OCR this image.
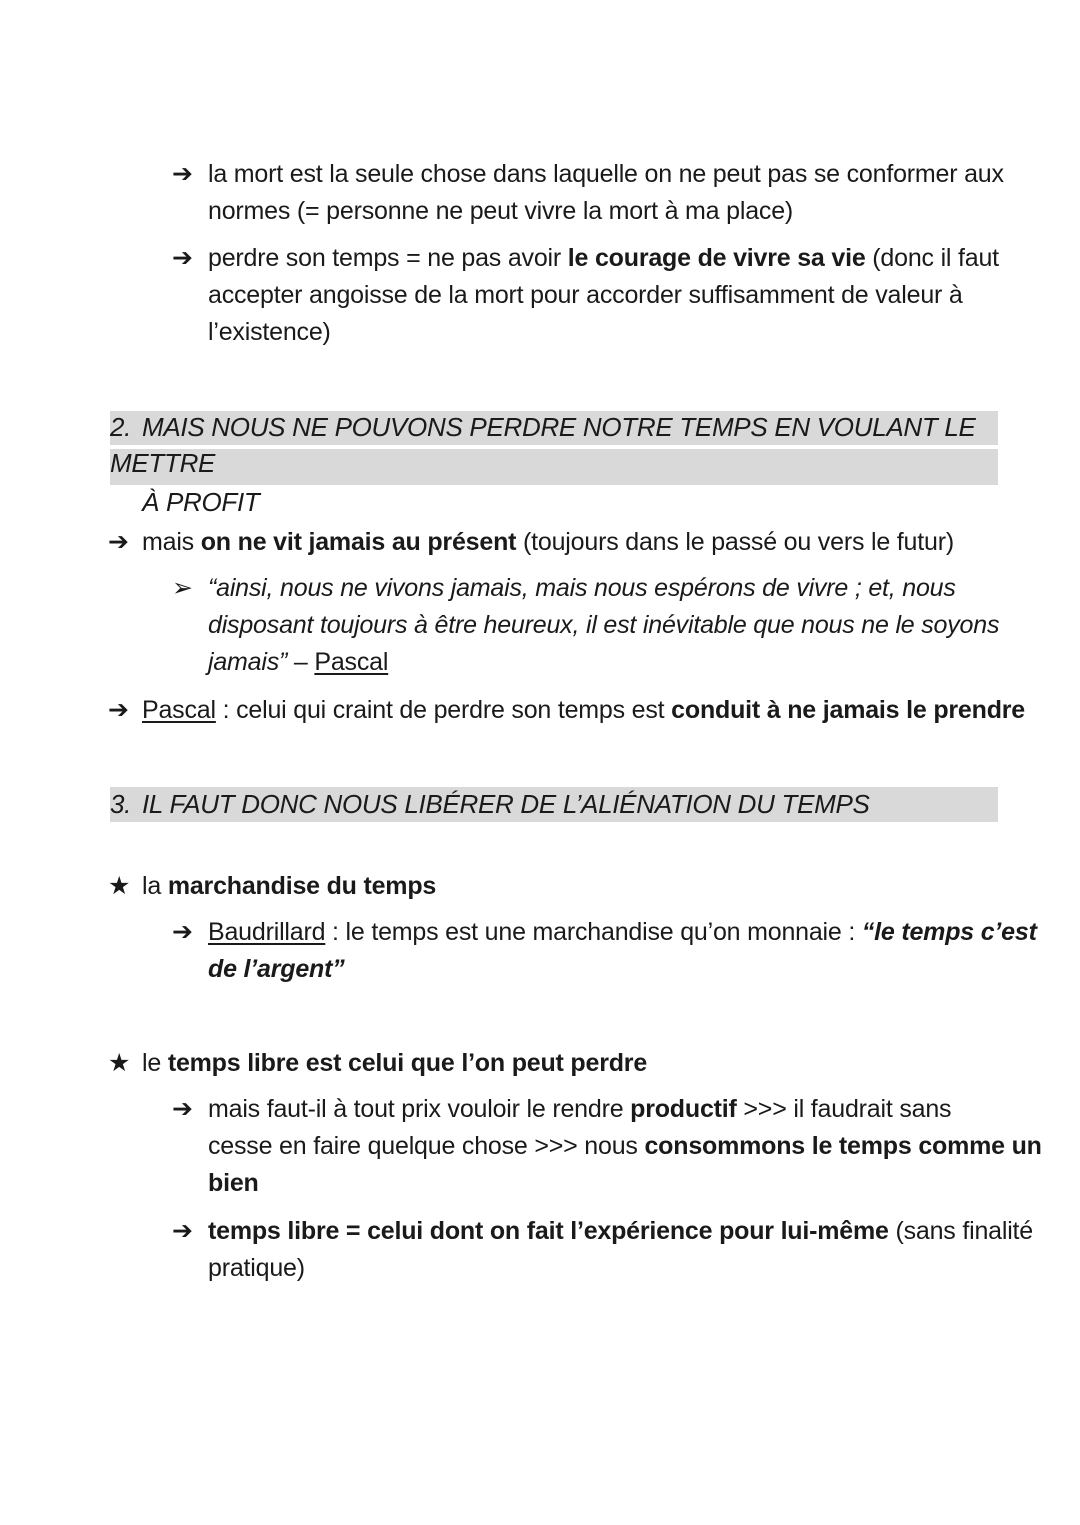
➔ la mort est la seule chose dans laquelle on ne peut pas se conformer aux
normes (= personne ne peut vivre la mort à ma place)
➔ perdre son temps = ne pas avoir le courage de vivre sa vie (donc il faut
accepter angoisse de la mort pour accorder suffisamment de valeur à
l’existence)
2. MAIS NOUS NE POUVONS PERDRE NOTRE TEMPS EN VOULANT LE METTRE
À PROFIT
➔ mais on ne vit jamais au présent (toujours dans le passé ou vers le futur)
➢ “ainsi, nous ne vivons jamais, mais nous espérons de vivre ; et, nous
disposant toujours à être heureux, il est inévitable que nous ne le soyons
jamais” – Pascal
➔ Pascal : celui qui craint de perdre son temps est conduit à ne jamais le prendre
3. IL FAUT DONC NOUS LIBÉRER DE L’ALIÉNATION DU TEMPS
★ la marchandise du temps
➔ Baudrillard : le temps est une marchandise qu’on monnaie : “le temps c’est
de l’argent”
★ le temps libre est celui que l’on peut perdre
➔ mais faut-il à tout prix vouloir le rendre productif >>> il faudrait sans
cesse en faire quelque chose >>> nous consommons le temps comme un
bien
➔ temps libre = celui dont on fait l’expérience pour lui-même (sans finalité
pratique)
